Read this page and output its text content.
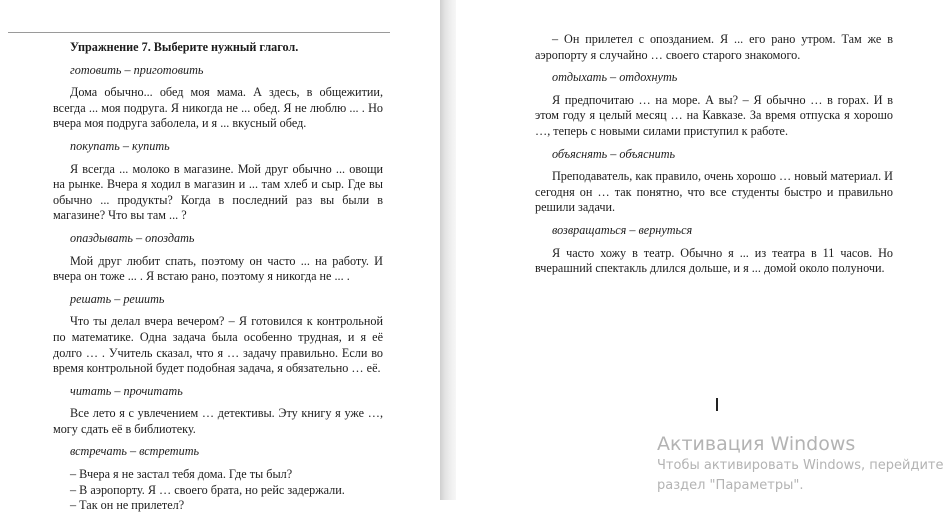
Упражнение 7. Выберите нужный глагол.

готовить – приготовить

Дома обычно... обед моя мама. А здесь, в общежитии, всегда ... моя подруга. Я никогда не ... обед. Я не люблю ... . Но вчера моя подруга заболела, и я ... вкусный обед.

покупать – купить

Я всегда ... молоко в магазине. Мой друг обычно ... овощи на рынке. Вчера я ходил в магазин и ... там хлеб и сыр. Где вы обычно ... продукты? Когда в последний раз вы были в магазине? Что вы там ... ?

опаздывать – опоздать

Мой друг любит спать, поэтому он часто ... на работу. И вчера он тоже ... . Я встаю рано, поэтому я никогда не ... .

решать – решить

Что ты делал вчера вечером? – Я готовился к контрольной по математике. Одна задача была особенно трудная, и я её долго … . Учитель сказал, что я … задачу правильно. Если во время контрольной будет подобная задача, я обязательно … её.

читать – прочитать

Все лето я с увлечением … детективы. Эту книгу я уже …, могу сдать её в библиотеку.

встречать – встретить

– Вчера я не застал тебя дома. Где ты был?

– В аэропорту. Я … своего брата, но рейс задержали.

– Так он не прилетел?

– Он прилетел с опозданием. Я ... его рано утром. Там же в аэропорту я случайно … своего старого знакомого.

отдыхать – отдохнуть

Я предпочитаю … на море. А вы? – Я обычно … в горах. И в этом году я целый месяц … на Кавказе. За время отпуска я хорошо …, теперь с новыми силами приступил к работе.

объяснять – объяснить

Преподаватель, как правило, очень хорошо … новый материал. И сегодня он … так понятно, что все студенты быстро и правильно решили задачи.

возвращаться – вернуться

Я часто хожу в театр. Обычно я ... из театра в 11 часов. Но вчерашний спектакль длился дольше, и я ... домой около полуночи.

Активация Windows
Чтобы активировать Windows, перейдите
раздел "Параметры".
